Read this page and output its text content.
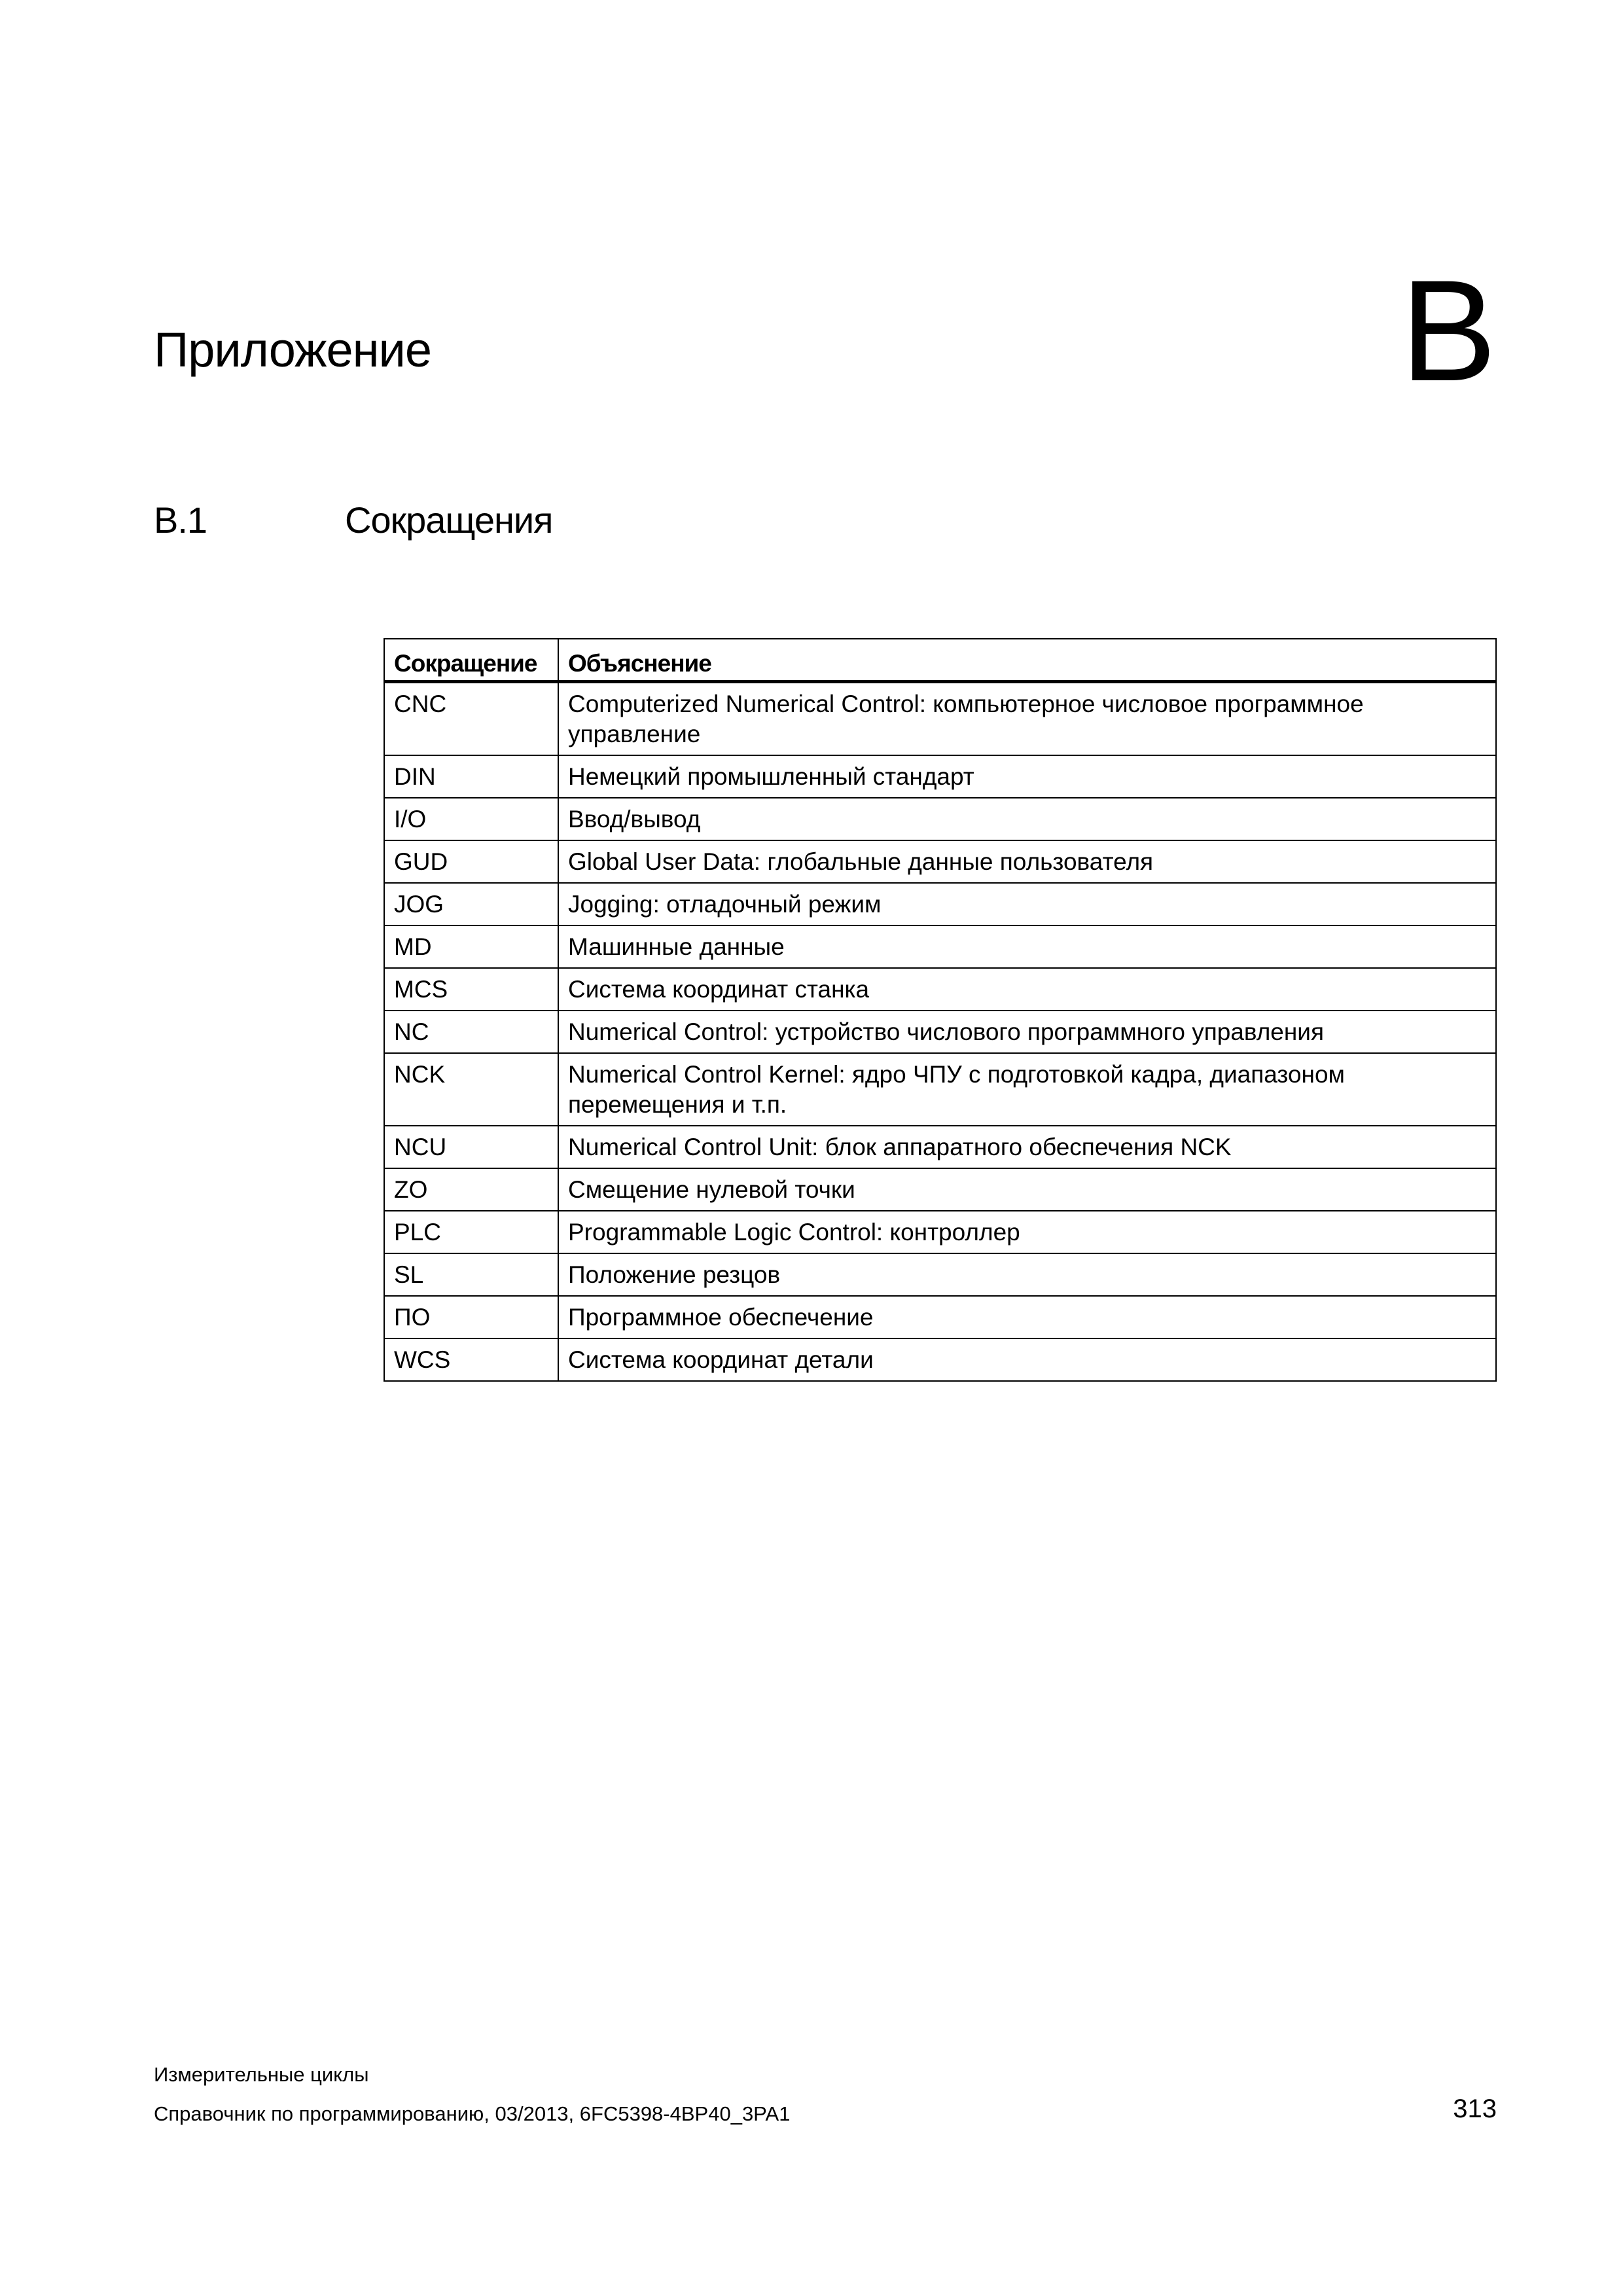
Приложение	B
B.1	Сокращения
Сокращение	Объяснение
CNC	Computerized Numerical Control: компьютерное числовое программное управление
DIN	Немецкий промышленный стандарт
I/O	Ввод/вывод
GUD	Global User Data: глобальные данные пользователя
JOG	Jogging: отладочный режим
MD	Машинные данные
MCS	Система координат станка
NC	Numerical Control: устройство числового программного управления
NCK	Numerical Control Kernel: ядро ЧПУ с подготовкой кадра, диапазоном перемещения и т.п.
NCU	Numerical Control Unit: блок аппаратного обеспечения NCK
ZO	Смещение нулевой точки
PLC	Programmable Logic Control: контроллер
SL	Положение резцов
ПО	Программное обеспечение
WCS	Система координат детали
Измерительные циклы
Справочник по программированию, 03/2013, 6FC5398-4BP40_3PA1	313
